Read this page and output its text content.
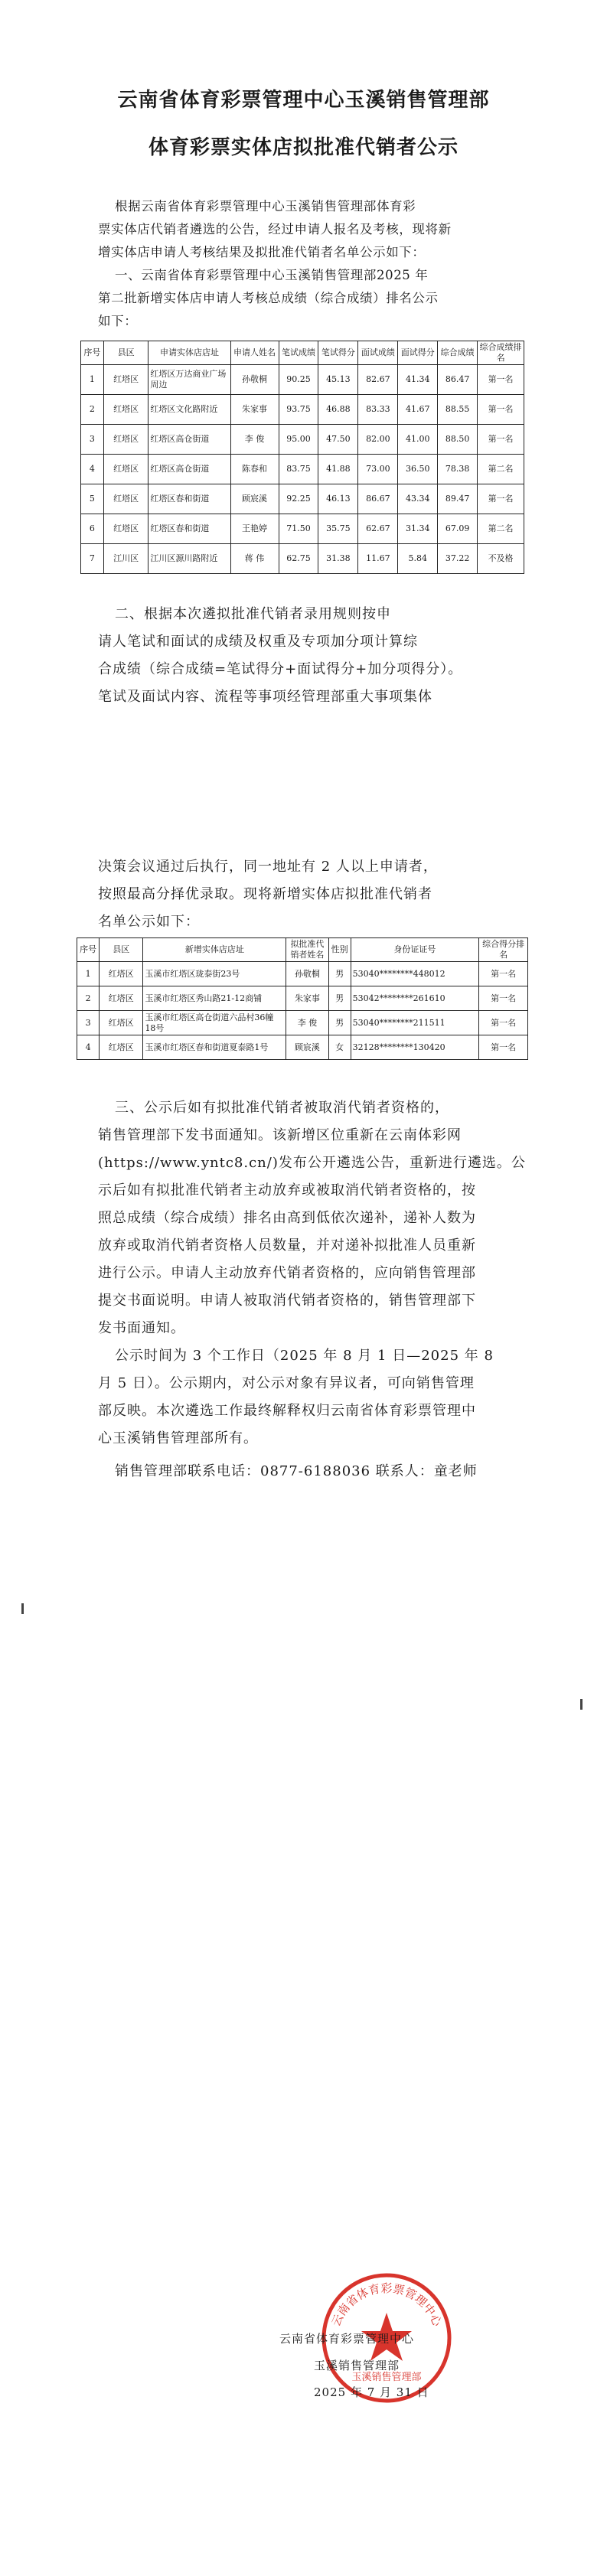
云南省体育彩票管理中心玉溪销售管理部
体育彩票实体店拟批准代销者公示
根据云南省体育彩票管理中心玉溪销售管理部体育彩
票实体店代销者遴选的公告，经过申请人报名及考核，现将新
增实体店申请人考核结果及拟批准代销者名单公示如下：
一、云南省体育彩票管理中心玉溪销售管理部2025 年
第二批新增实体店申请人考核总成绩（综合成绩）排名公示
如下：
序号	县区	申请实体店店址	申请人姓名	笔试成绩	笔试得分	面试成绩	面试得分	综合成绩	综合成绩排名
1	红塔区	红塔区万达商业广场周边	孙敬桐	90.25	45.13	82.67	41.34	86.47	第一名
2	红塔区	红塔区文化路附近	朱家事	93.75	46.88	83.33	41.67	88.55	第一名
3	红塔区	红塔区高仓街道	李 俊	95.00	47.50	82.00	41.00	88.50	第一名
4	红塔区	红塔区高仓街道	陈春和	83.75	41.88	73.00	36.50	78.38	第二名
5	红塔区	红塔区春和街道	顾宸溪	92.25	46.13	86.67	43.34	89.47	第一名
6	红塔区	红塔区春和街道	王艳婷	71.50	35.75	62.67	31.34	67.09	第二名
7	江川区	江川区源川路附近	蒋 伟	62.75	31.38	11.67	5.84	37.22	不及格
二、根据本次遴拟批准代销者录用规则按申
请人笔试和面试的成绩及权重及专项加分项计算综
合成绩（综合成绩=笔试得分+面试得分+加分项得分）。
笔试及面试内容、流程等事项经管理部重大事项集体
决策会议通过后执行，同一地址有 2 人以上申请者，
按照最高分择优录取。现将新增实体店拟批准代销者
名单公示如下：
序号	县区	新增实体店店址	拟批准代销者姓名	性别	身份证证号	综合得分排名
1	红塔区	玉溪市红塔区珑泰街23号	孙敬桐	男	53040********448012	第一名
2	红塔区	玉溪市红塔区秀山路21-12商铺	朱家事	男	53042********261610	第一名
3	红塔区	玉溪市红塔区高仓街道六品村36幢18号	李 俊	男	53040********211511	第一名
4	红塔区	玉溪市红塔区春和街道夏泰路1号	顾宸溪	女	32128********130420	第一名
三、公示后如有拟批准代销者被取消代销者资格的，
销售管理部下发书面通知。该新增区位重新在云南体彩网
(https://www.yntc8.cn/)发布公开遴选公告，重新进行遴选。公
示后如有拟批准代销者主动放弃或被取消代销者资格的，按
照总成绩（综合成绩）排名由高到低依次递补，递补人数为
放弃或取消代销者资格人员数量，并对递补拟批准人员重新
进行公示。申请人主动放弃代销者资格的，应向销售管理部
提交书面说明。申请人被取消代销者资格的，销售管理部下
发书面通知。
公示时间为 3 个工作日（2025 年 8 月 1 日—2025 年 8
月 5 日）。公示期内，对公示对象有异议者，可向销售管理
部反映。本次遴选工作最终解释权归云南省体育彩票管理中
心玉溪销售管理部所有。
销售管理部联系电话：0877-6188036 联系人：童老师
云南省体育彩票管理中心
玉溪销售管理部
云南省体育彩票管理中心
玉溪销售管理部
2025 年 7 月 31 日
